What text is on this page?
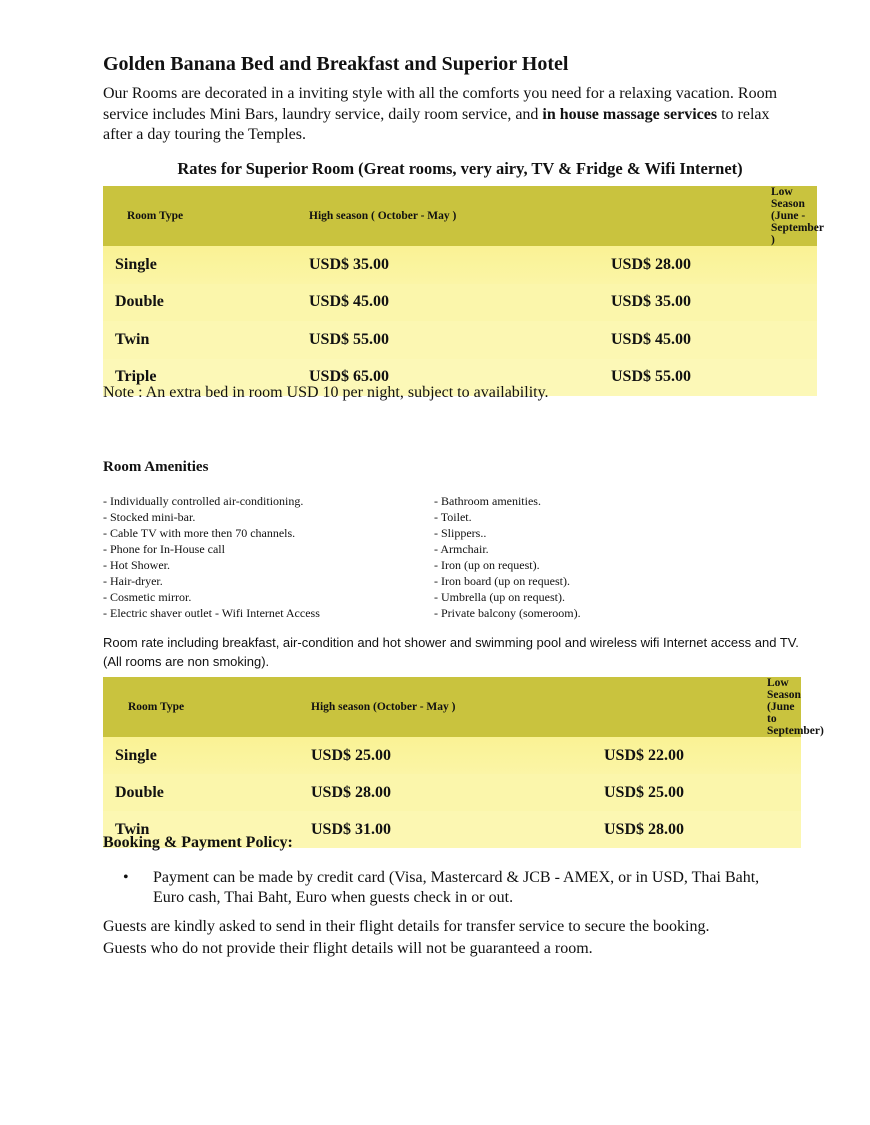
Golden Banana Bed and Breakfast and Superior Hotel
Our Rooms are decorated in a inviting style with all the comforts you need for a relaxing vacation. Room service includes Mini Bars, laundry service, daily room service, and in house massage services to relax after a day touring the Temples.
Rates for Superior Room (Great rooms, very airy, TV & Fridge & Wifi Internet)
Room Type	High season ( October - May )	Low Season (June - September )
Single	USD$ 35.00	USD$ 28.00
Double	USD$ 45.00	USD$ 35.00
Twin	USD$ 55.00	USD$ 45.00
Triple	USD$ 65.00	USD$ 55.00
Note : An extra bed in room USD 10 per night, subject to availability.
Room Amenities
- Individually controlled air-conditioning.
- Stocked mini-bar.
- Cable TV with more then 70 channels.
- Phone for In-House call
- Hot Shower.
- Hair-dryer.
- Cosmetic mirror.
- Electric shaver outlet - Wifi Internet Access
- Bathroom amenities.
- Toilet.
- Slippers..
- Armchair.
- Iron (up on request).
- Iron board (up on request).
- Umbrella (up on request).
- Private balcony (someroom).
Room rate including breakfast, air-condition and hot shower and swimming pool and wireless wifi Internet access and TV. (All rooms are non smoking).
Room Type	High season (October - May )	Low Season (June to September)
Single	USD$ 25.00	USD$ 22.00
Double	USD$ 28.00	USD$ 25.00
Twin	USD$ 31.00	USD$ 28.00
Booking & Payment Policy:
• Payment can be made by credit card (Visa, Mastercard & JCB - AMEX, or in USD, Thai Baht, Euro cash, Thai Baht, Euro when guests check in or out.
Guests are kindly asked to send in their flight details for transfer service to secure the booking.
Guests who do not provide their flight details will not be guaranteed a room.
